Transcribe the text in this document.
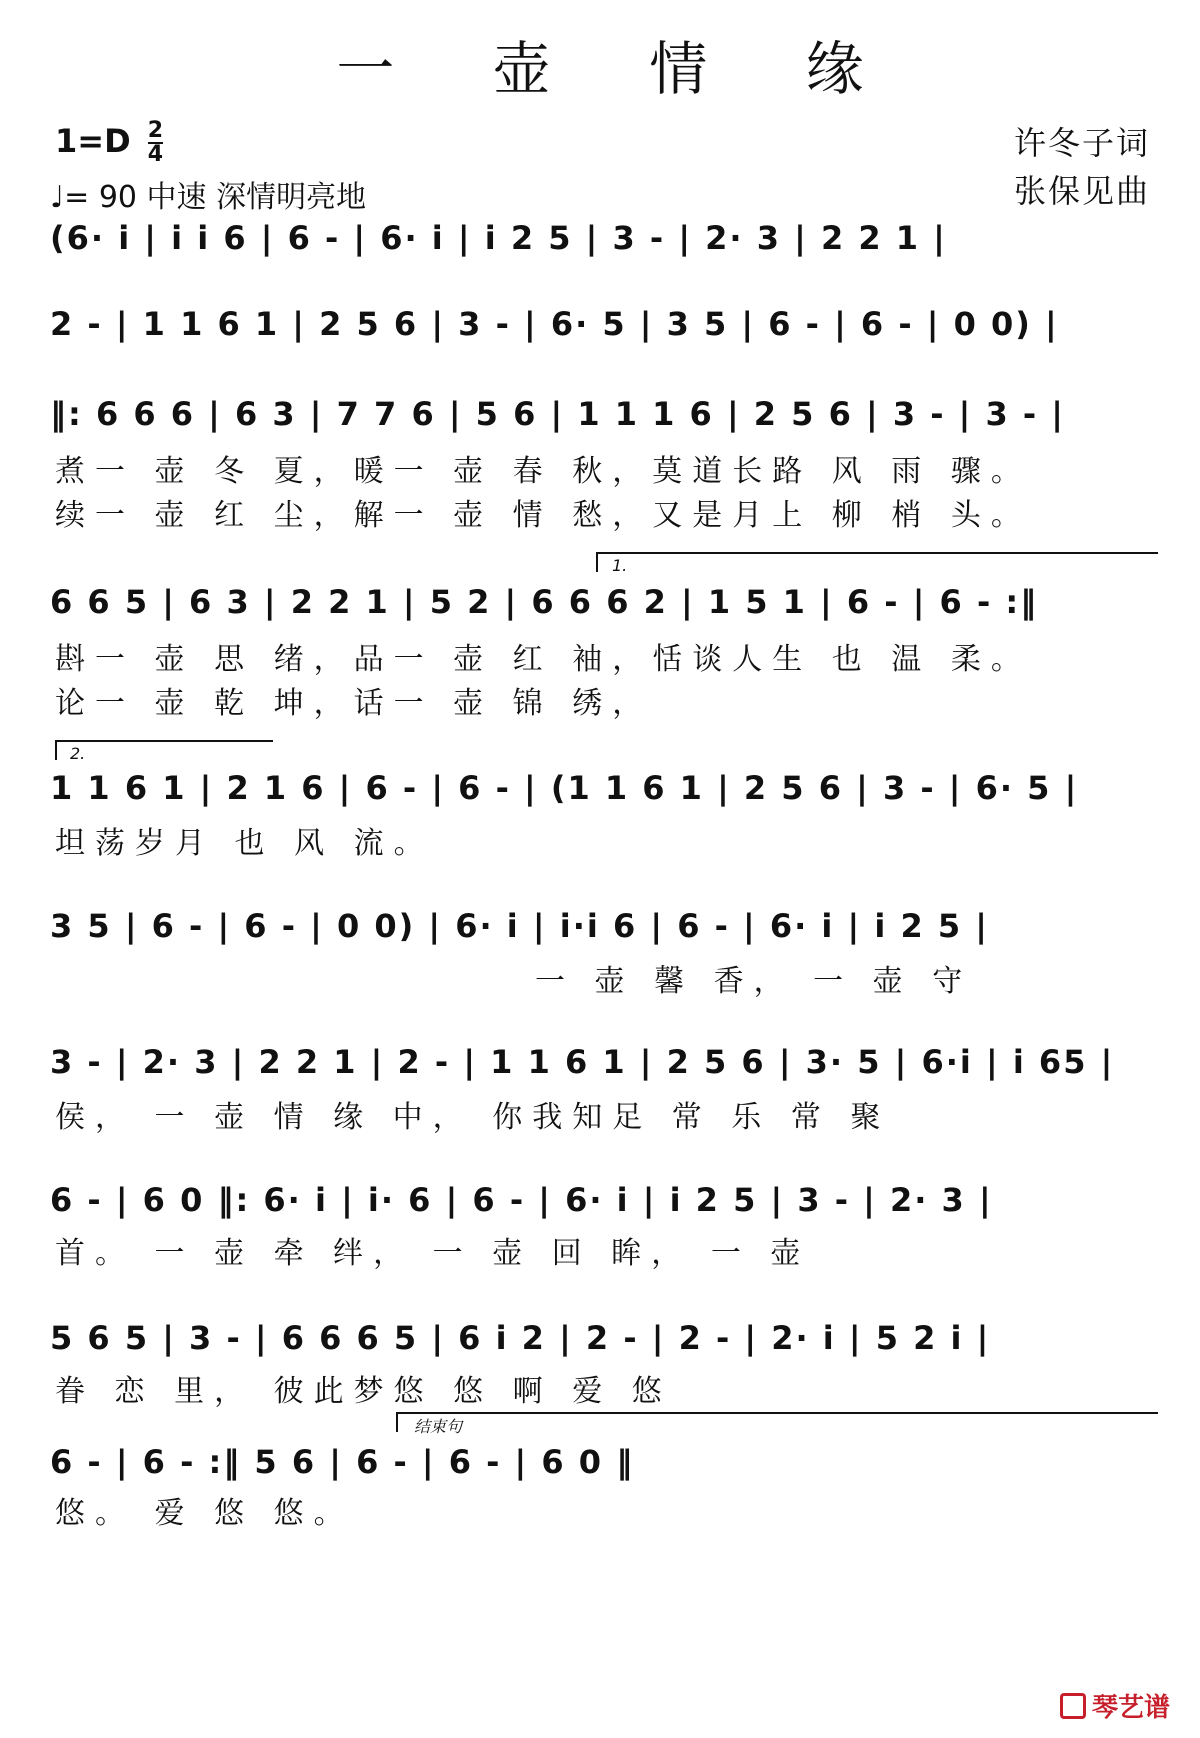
一 壶 情 缘
$1=D \frac{2}{4}$
♩= 90 中速 深情明亮地
许冬子词
张保见曲
(6· i | i i 6 | 6 - | 6· i | i 2 5 | 3 - | 2· 3 | 2 2 1 |
2 - | 1 1 6 1 | 2 5 6 | 3 - | 6· 5 | 3 5 | 6 - | 6 - | 0 0) |
‖: 6 6 6 | 6 3 | 7 7 6 | 5 6 | 1 1 1 6 | 2 5 6 | 3 - | 3 - |
煮一 壶 冬 夏，暖一 壶 春 秋，莫道长路 风 雨 骤。
续一 壶 红 尘，解一 壶 情 愁，又是月上 柳 梢 头。
1.
6 6 5 | 6 3 | 2 2 1 | 5 2 | 6 6 6 2 | 1 5 1 | 6 - | 6 - :‖
斟一 壶 思 绪，品一 壶 红 袖，恬谈人生 也 温 柔。
论一 壶 乾 坤，话一 壶 锦 绣，
2.
1 1 6 1 | 2 1 6 | 6 - | 6 - | (1 1 6 1 | 2 5 6 | 3 - | 6· 5 |
坦荡岁月 也 风 流。
3 5 | 6 - | 6 - | 0 0) | 6· i | i·i 6 | 6 - | 6· i | i 2 5 |
一 壶 馨 香， 一 壶 守
3 - | 2· 3 | 2 2 1 | 2 - | 1 1 6 1 | 2 5 6 | 3· 5 | 6·i | i 65 |
侯， 一 壶 情 缘 中， 你我知足 常 乐 常 聚
6 - | 6 0 ‖: 6· i | i· 6 | 6 - | 6· i | i 2 5 | 3 - | 2· 3 |
首。 一 壶 牵 绊， 一 壶 回 眸， 一 壶
5 6 5 | 3 - | 6 6 6 5 | 6 i 2 | 2 - | 2 - | 2· i | 5 2 i |
眷 恋 里， 彼此梦悠 悠 啊 爱 悠
结束句
6 - | 6 - :‖ 5 6 | 6 - | 6 - | 6 0 ‖
悠。 爱 悠 悠。
琴艺谱
